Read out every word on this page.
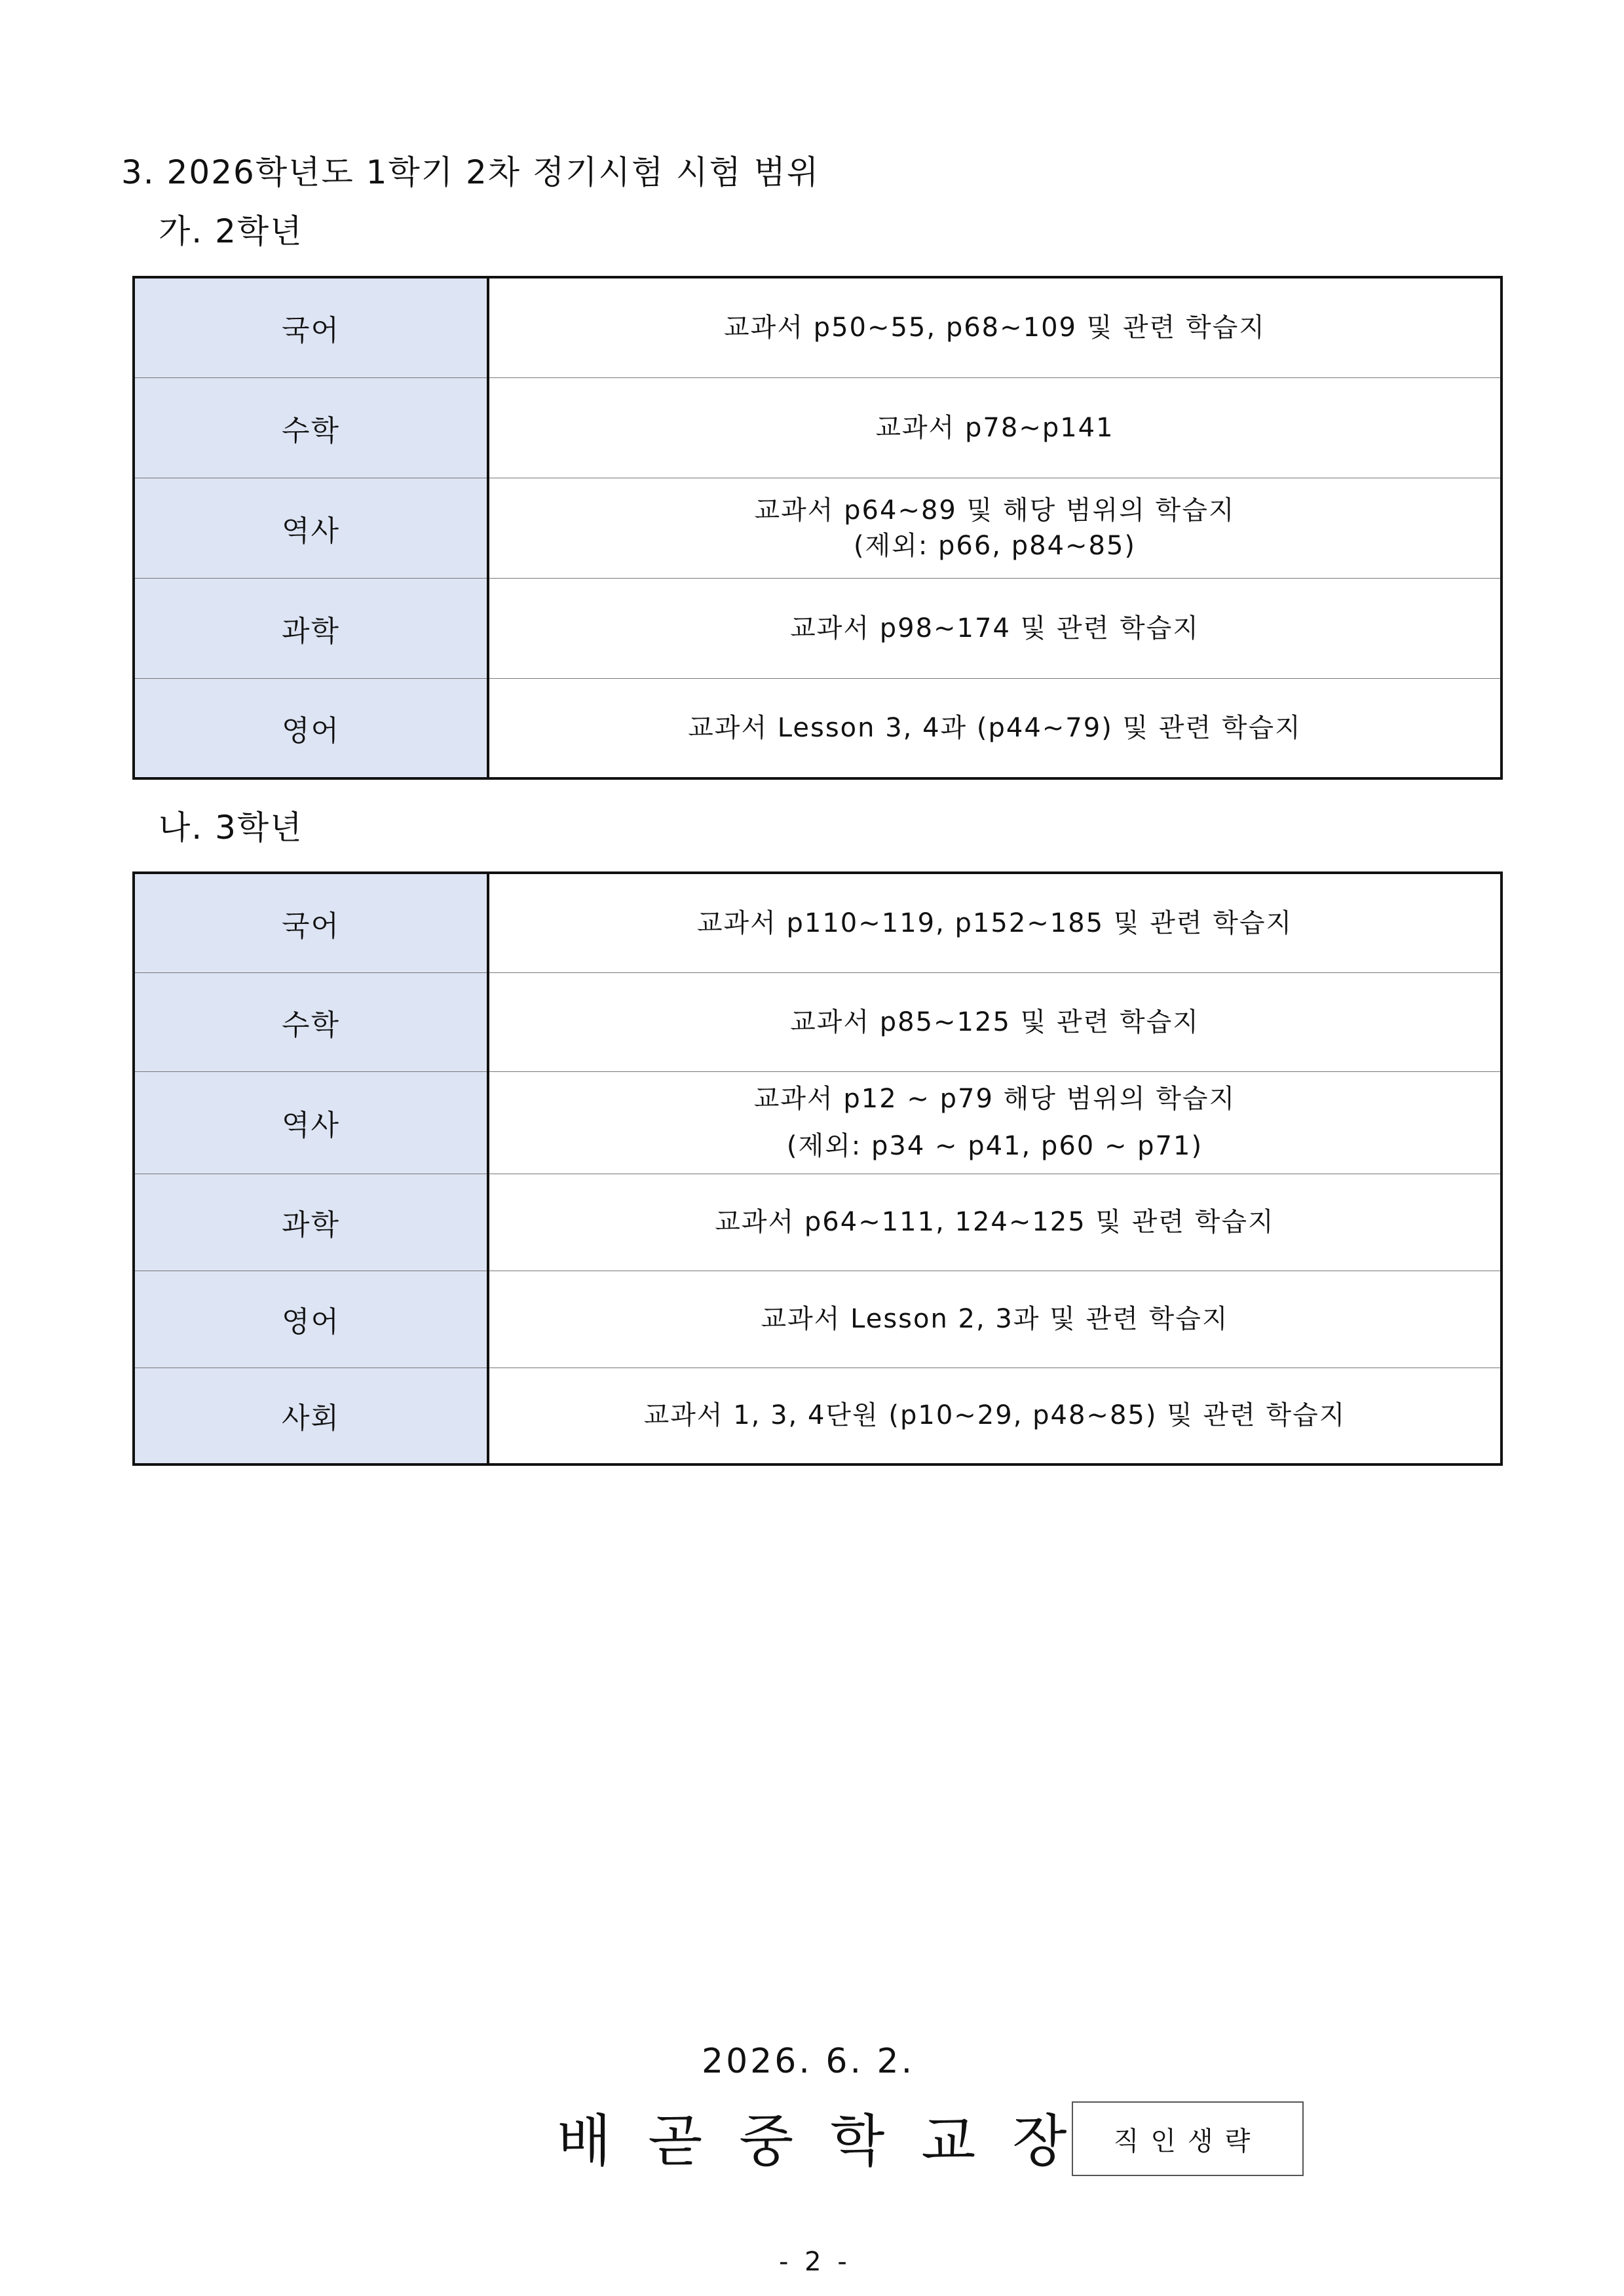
3. 2026학년도 1학기 2차 정기시험 시험 범위
가. 2학년
국어	교과서 p50~55, p68~109 및 관련 학습지

수학	교과서 p78~p141

역사	교과서 p64~89 및 해당 범위의 학습지
(제외: p66, p84~85)

과학	교과서 p98~174 및 관련 학습지

영어	교과서 Lesson 3, 4과 (p44~79) 및 관련 학습지
나. 3학년
국어	교과서 p110~119, p152~185 및 관련 학습지

수학	교과서 p85~125 및 관련 학습지

역사	교과서 p12 ~ p79 해당 범위의 학습지
(제외: p34 ~ p41, p60 ~ p71)

과학	교과서 p64~111, 124~125 및 관련 학습지

영어	교과서 Lesson 2, 3과 및 관련 학습지

사회	교과서 1, 3, 4단원 (p10~29, p48~85) 및 관련 학습지
2026. 6. 2.
배곧중학교장 직인생략
- 2 -
